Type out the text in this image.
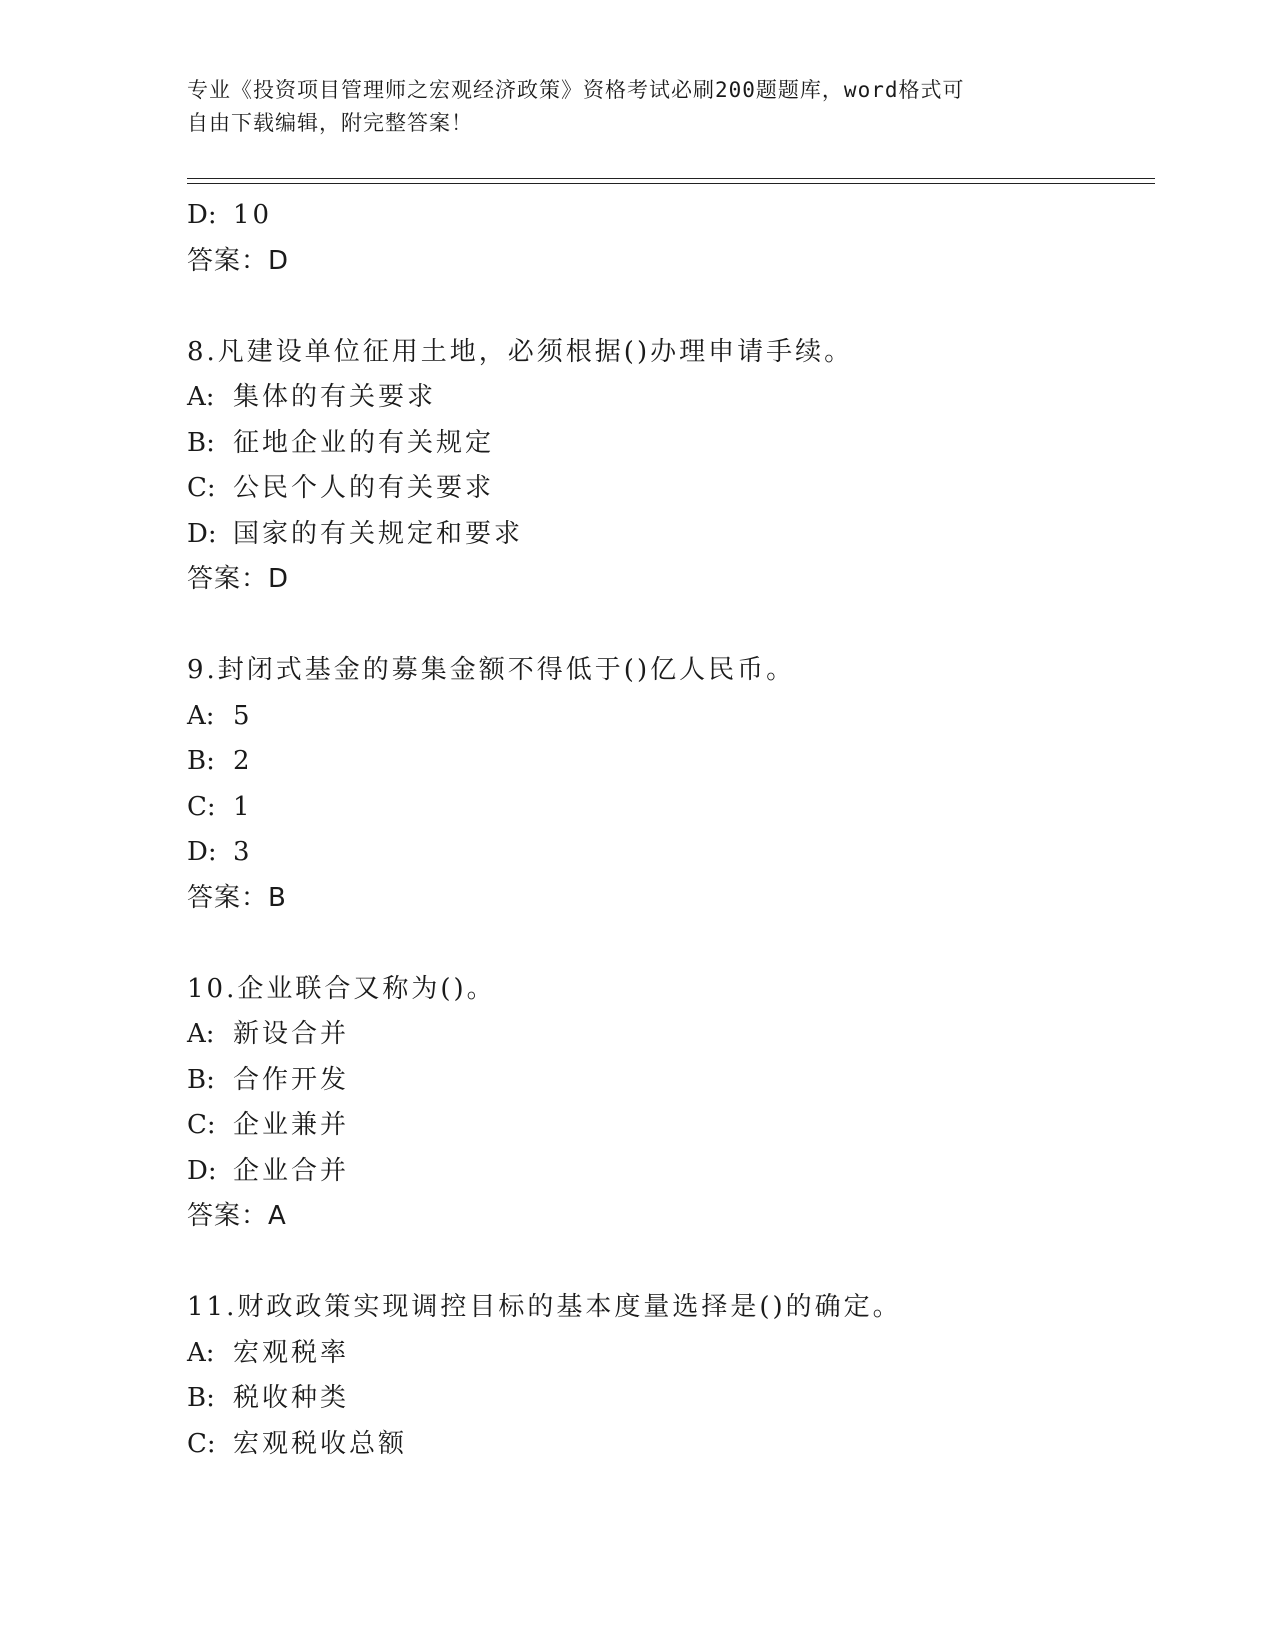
专业《投资项目管理师之宏观经济政策》资格考试必刷200题题库，word格式可
自由下载编辑，附完整答案！
D: 10
答案：D
8.凡建设单位征用土地，必须根据()办理申请手续。
A: 集体的有关要求
B: 征地企业的有关规定
C: 公民个人的有关要求
D: 国家的有关规定和要求
答案：D
9.封闭式基金的募集金额不得低于()亿人民币。
A: 5
B: 2
C: 1
D: 3
答案：B
10.企业联合又称为()。
A: 新设合并
B: 合作开发
C: 企业兼并
D: 企业合并
答案：A
11.财政政策实现调控目标的基本度量选择是()的确定。
A: 宏观税率
B: 税收种类
C: 宏观税收总额
